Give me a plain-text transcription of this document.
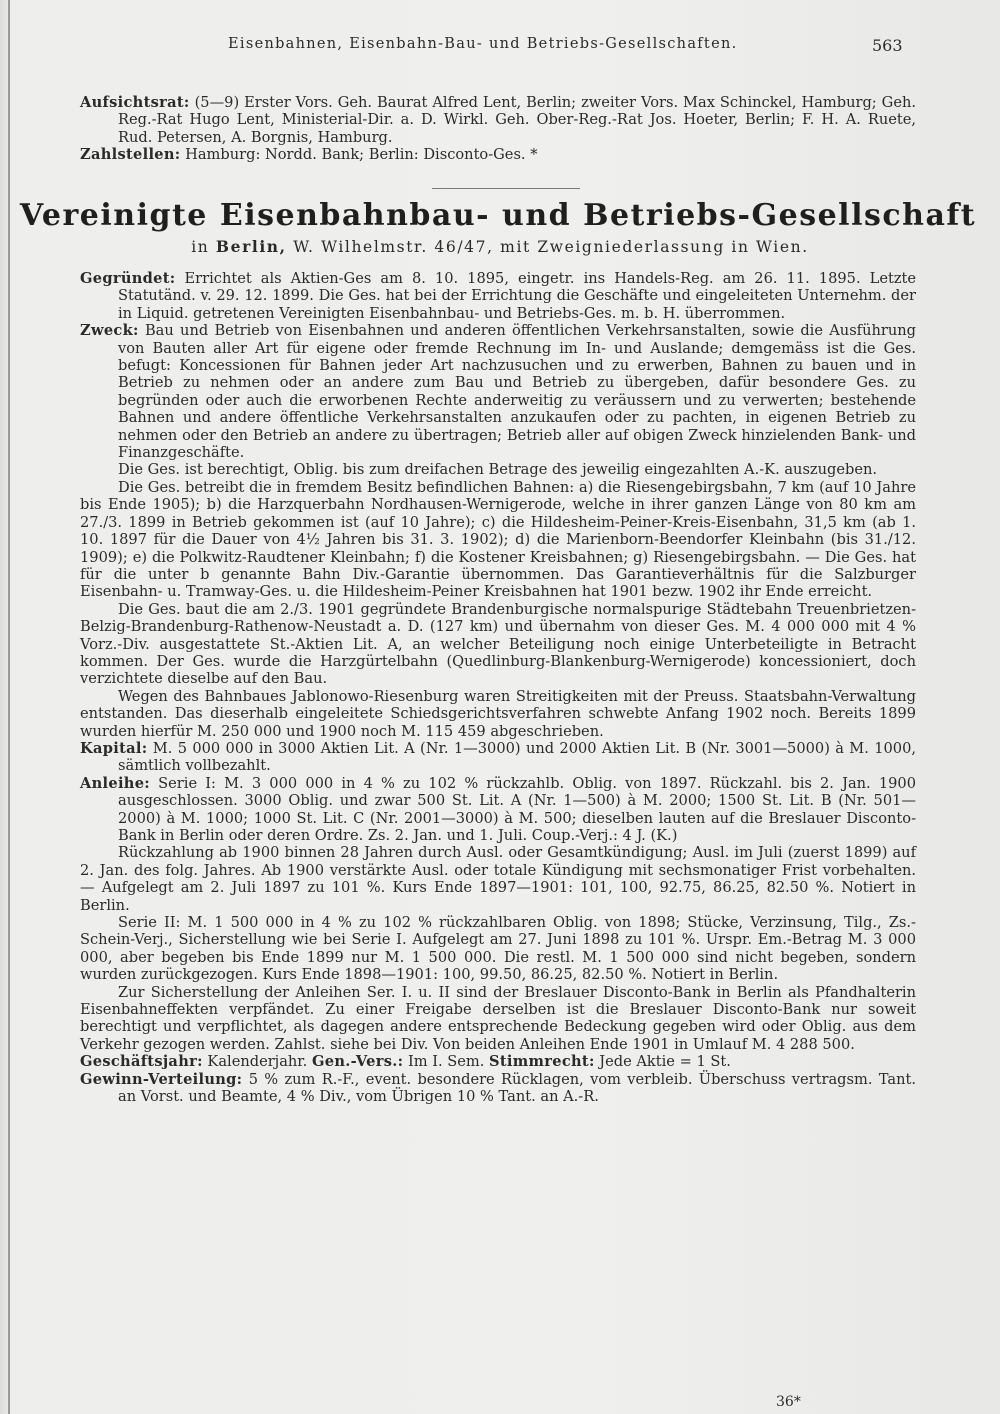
Eisenbahnen, Eisenbahn-Bau- und Betriebs-Gesellschaften.	563

Aufsichtsrat: (5—9) Erster Vors. Geh. Baurat Alfred Lent, Berlin; zweiter Vors. Max Schinckel, Hamburg; Geh. Reg.-Rat Hugo Lent, Ministerial-Dir. a. D. Wirkl. Geh. Ober-Reg.-Rat Jos. Hoeter, Berlin; F. H. A. Ruete, Rud. Petersen, A. Borgnis, Hamburg.

Zahlstellen: Hamburg: Nordd. Bank; Berlin: Disconto-Ges. *

Vereinigte Eisenbahnbau- und Betriebs-Gesellschaft
in Berlin, W. Wilhelmstr. 46/47, mit Zweigniederlassung in Wien.

Gegründet: Errichtet als Aktien-Ges am 8. 10. 1895, eingetr. ins Handels-Reg. am 26. 11. 1895. Letzte Statutänd. v. 29. 12. 1899. Die Ges. hat bei der Errichtung die Geschäfte und eingeleiteten Unternehm. der in Liquid. getretenen Vereinigten Eisenbahnbau- und Betriebs-Ges. m. b. H. überrommen.

Zweck: Bau und Betrieb von Eisenbahnen und anderen öffentlichen Verkehrsanstalten, sowie die Ausführung von Bauten aller Art für eigene oder fremde Rechnung im In- und Auslande; demgemäss ist die Ges. befugt: Koncessionen für Bahnen jeder Art nachzusuchen und zu erwerben, Bahnen zu bauen und in Betrieb zu nehmen oder an andere zum Bau und Betrieb zu übergeben, dafür besondere Ges. zu begründen oder auch die erworbenen Rechte anderweitig zu veräussern und zu verwerten; bestehende Bahnen und andere öffentliche Verkehrsanstalten anzukaufen oder zu pachten, in eigenen Betrieb zu nehmen oder den Betrieb an andere zu übertragen; Betrieb aller auf obigen Zweck hinzielenden Bank- und Finanzgeschäfte.

Die Ges. ist berechtigt, Oblig. bis zum dreifachen Betrage des jeweilig eingezahlten A.-K. auszugeben.

Die Ges. betreibt die in fremdem Besitz befindlichen Bahnen: a) die Riesengebirgsbahn, 7 km (auf 10 Jahre bis Ende 1905); b) die Harzquerbahn Nordhausen-Wernigerode, welche in ihrer ganzen Länge von 80 km am 27./3. 1899 in Betrieb gekommen ist (auf 10 Jahre); c) die Hildesheim-Peiner-Kreis-Eisenbahn, 31,5 km (ab 1. 10. 1897 für die Dauer von 4½ Jahren bis 31. 3. 1902); d) die Marienborn-Beendorfer Kleinbahn (bis 31./12. 1909); e) die Polkwitz-Raudtener Kleinbahn; f) die Kostener Kreisbahnen; g) Riesengebirgsbahn. — Die Ges. hat für die unter b genannte Bahn Div.-Garantie übernommen. Das Garantieverhältnis für die Salzburger Eisenbahn- u. Tramway-Ges. u. die Hildesheim-Peiner Kreisbahnen hat 1901 bezw. 1902 ihr Ende erreicht.

Die Ges. baut die am 2./3. 1901 gegründete Brandenburgische normalspurige Städtebahn Treuenbrietzen-Belzig-Brandenburg-Rathenow-Neustadt a. D. (127 km) und übernahm von dieser Ges. M. 4 000 000 mit 4 % Vorz.-Div. ausgestattete St.-Aktien Lit. A, an welcher Beteiligung noch einige Unterbeteiligte in Betracht kommen. Der Ges. wurde die Harzgürtelbahn (Quedlinburg-Blankenburg-Wernigerode) koncessioniert, doch verzichtete dieselbe auf den Bau.

Wegen des Bahnbaues Jablonowo-Riesenburg waren Streitigkeiten mit der Preuss. Staatsbahn-Verwaltung entstanden. Das dieserhalb eingeleitete Schiedsgerichtsverfahren schwebte Anfang 1902 noch. Bereits 1899 wurden hierfür M. 250 000 und 1900 noch M. 115 459 abgeschrieben.

Kapital: M. 5 000 000 in 3000 Aktien Lit. A (Nr. 1—3000) und 2000 Aktien Lit. B (Nr. 3001—5000) à M. 1000, sämtlich vollbezahlt.

Anleihe: Serie I: M. 3 000 000 in 4 % zu 102 % rückzahlb. Oblig. von 1897. Rückzahl. bis 2. Jan. 1900 ausgeschlossen. 3000 Oblig. und zwar 500 St. Lit. A (Nr. 1—500) à M. 2000; 1500 St. Lit. B (Nr. 501—2000) à M. 1000; 1000 St. Lit. C (Nr. 2001—3000) à M. 500; dieselben lauten auf die Breslauer Disconto-Bank in Berlin oder deren Ordre. Zs. 2. Jan. und 1. Juli. Coup.-Verj.: 4 J. (K.)

Rückzahlung ab 1900 binnen 28 Jahren durch Ausl. oder Gesamtkündigung; Ausl. im Juli (zuerst 1899) auf 2. Jan. des folg. Jahres. Ab 1900 verstärkte Ausl. oder totale Kündigung mit sechsmonatiger Frist vorbehalten. — Aufgelegt am 2. Juli 1897 zu 101 %. Kurs Ende 1897—1901: 101, 100, 92.75, 86.25, 82.50 %. Notiert in Berlin.

Serie II: M. 1 500 000 in 4 % zu 102 % rückzahlbaren Oblig. von 1898; Stücke, Verzinsung, Tilg., Zs.-Schein-Verj., Sicherstellung wie bei Serie I. Aufgelegt am 27. Juni 1898 zu 101 %. Urspr. Em.-Betrag M. 3 000 000, aber begeben bis Ende 1899 nur M. 1 500 000. Die restl. M. 1 500 000 sind nicht begeben, sondern wurden zurückgezogen. Kurs Ende 1898—1901: 100, 99.50, 86.25, 82.50 %. Notiert in Berlin.

Zur Sicherstellung der Anleihen Ser. I. u. II sind der Breslauer Disconto-Bank in Berlin als Pfandhalterin Eisenbahneffekten verpfändet. Zu einer Freigabe derselben ist die Breslauer Disconto-Bank nur soweit berechtigt und verpflichtet, als dagegen andere entsprechende Bedeckung gegeben wird oder Oblig. aus dem Verkehr gezogen werden. Zahlst. siehe bei Div. Von beiden Anleihen Ende 1901 in Umlauf M. 4 288 500.

Geschäftsjahr: Kalenderjahr. Gen.-Vers.: Im I. Sem. Stimmrecht: Jede Aktie = 1 St.

Gewinn-Verteilung: 5 % zum R.-F., event. besondere Rücklagen, vom verbleib. Überschuss vertragsm. Tant. an Vorst. und Beamte, 4 % Div., vom Übrigen 10 % Tant. an A.-R.

36*
